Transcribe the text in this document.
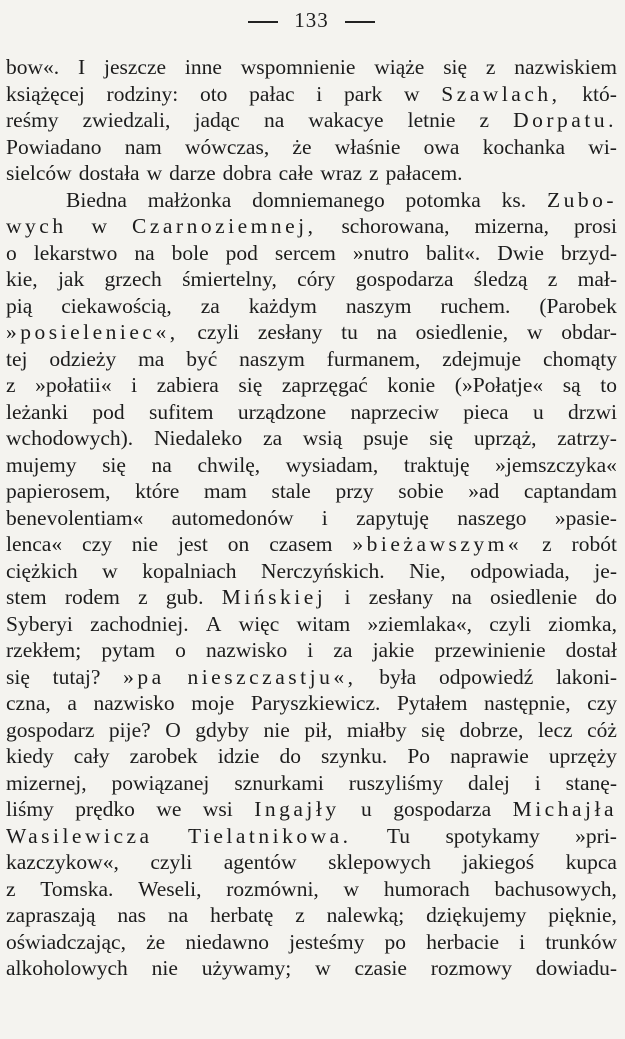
133
bow«. I jeszcze inne wspomnienie wiąże się z nazwiskiem
książęcej rodziny: oto pałac i park w Szawlach, któ-
reśmy zwiedzali, jadąc na wakacye letnie z Dorpatu.
Powiadano nam wówczas, że właśnie owa kochanka wi-
sielców dostała w darze dobra całe wraz z pałacem.
Biedna małżonka domniemanego potomka ks. Zubo-
wych w Czarnoziemnej, schorowana, mizerna, prosi
o lekarstwo na bole pod sercem »nutro balit«. Dwie brzyd-
kie, jak grzech śmiertelny, córy gospodarza śledzą z mał-
pią ciekawością, za każdym naszym ruchem. (Parobek
»posieleniec«, czyli zesłany tu na osiedlenie, w obdar-
tej odzieży ma być naszym furmanem, zdejmuje chomąty
z »połatii« i zabiera się zaprzęgać konie (»Połatje« są to
leżanki pod sufitem urządzone naprzeciw pieca u drzwi
wchodowych). Niedaleko za wsią psuje się uprząż, zatrzy-
mujemy się na chwilę, wysiadam, traktuję »jemszczyka«
papierosem, które mam stale przy sobie »ad captandam
benevolentiam« automedonów i zapytuję naszego »pasie-
lenca« czy nie jest on czasem »bieżawszym« z robót
ciężkich w kopalniach Nerczyńskich. Nie, odpowiada, je-
stem rodem z gub. Mińskiej i zesłany na osiedlenie do
Syberyi zachodniej. A więc witam »ziemlaka«, czyli ziomka,
rzekłem; pytam o nazwisko i za jakie przewinienie dostał
się tutaj? »pa nieszczastju«, była odpowiedź lakoni-
czna, a nazwisko moje Paryszkiewicz. Pytałem następnie, czy
gospodarz pije? O gdyby nie pił, miałby się dobrze, lecz cóż
kiedy cały zarobek idzie do szynku. Po naprawie uprzęży
mizernej, powiązanej sznurkami ruszyliśmy dalej i stanę-
liśmy prędko we wsi Ingajły u gospodarza Michajła
Wasilewicza Tielatnikowa. Tu spotykamy »pri-
kazczykow«, czyli agentów sklepowych jakiegoś kupca
z Tomska. Weseli, rozmówni, w humorach bachusowych,
zapraszają nas na herbatę z nalewką; dziękujemy pięknie,
oświadczając, że niedawno jesteśmy po herbacie i trunków
alkoholowych nie używamy; w czasie rozmowy dowiadu-
